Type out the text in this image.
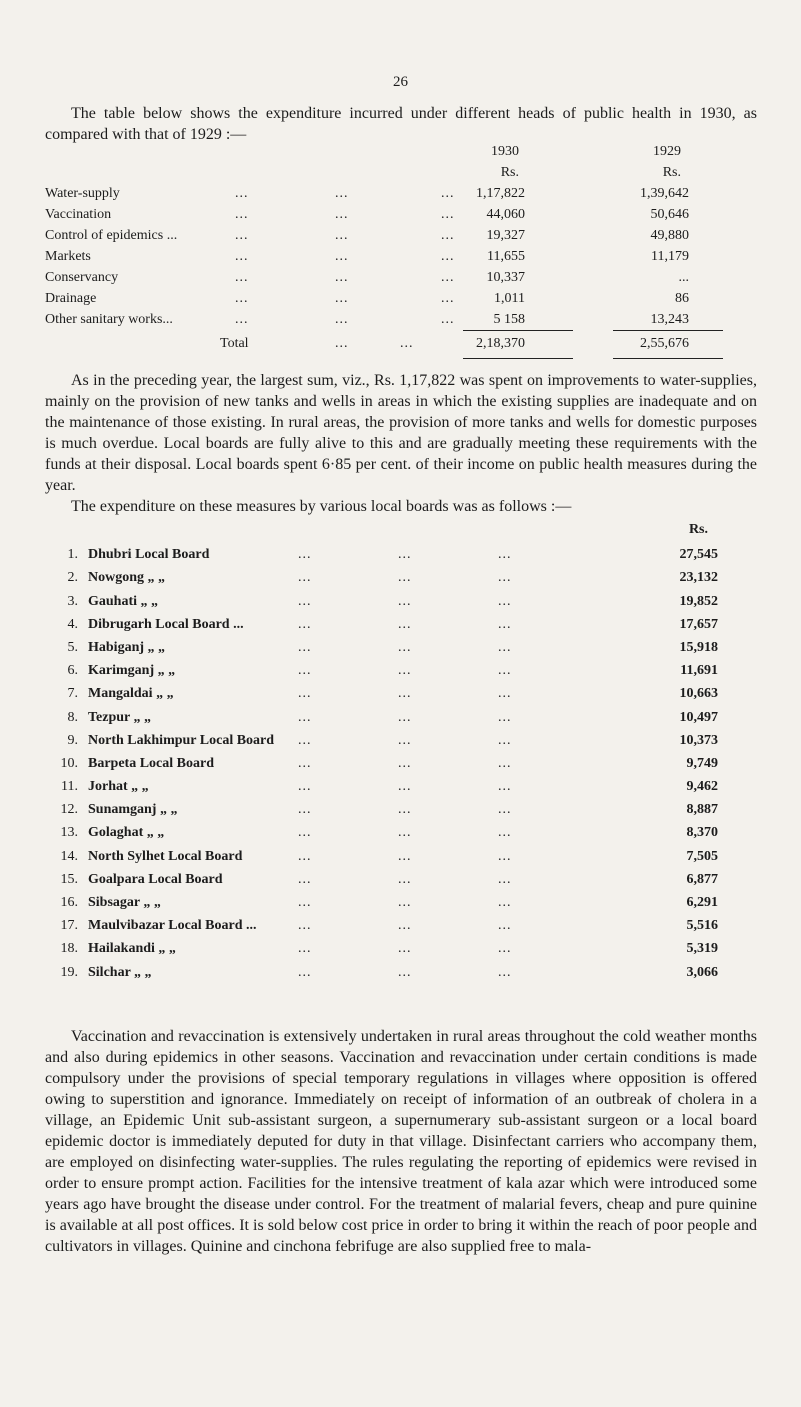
26
The table below shows the expenditure incurred under different heads of public health in 1930, as compared with that of 1929 :—
1930	1929
Rs.	Rs.
Water-supply	...	...	... 1,17,822	1,39,642
Vaccination	...	...	... 44,060	50,646
Control of epidemics ...	...	...	... 19,327	49,880
Markets	...	...	... 11,655	11,179
Conservancy	...	...	... 10,337	...
Drainage	...	...	...	1,011	86
Other sanitary works...	...	...	...	5 158	13,243
Total	...	...	2,18,370	2,55,676
As in the preceding year, the largest sum, viz., Rs. 1,17,822 was spent on improvements to water-supplies, mainly on the provision of new tanks and wells in areas in which the existing supplies are inadequate and on the maintenance of those existing. In rural areas, the provision of more tanks and wells for domestic purposes is much overdue. Local boards are fully alive to this and are gradually meeting these requirements with the funds at their disposal. Local boards spent 6·85 per cent. of their income on public health measures during the year.
The expenditure on these measures by various local boards was as follows :—
Rs.
1. Dhubri Local Board	...	...	...	27,545
2. Nowgong „ „	...	...	...	23,132
3. Gauhati „ „	...	...	...	19,852
4. Dibrugarh Local Board ...	...	...	...	17,657
5. Habiganj „ „	...	...	...	15,918
6. Karimganj „ „	...	...	...	11,691
7. Mangaldai „ „	...	...	...	10,663
8. Tezpur „ „	...	...	...	10,497
9. North Lakhimpur Local Board ...	...	...	10,373
10. Barpeta Local Board	...	...	...	9,749
11. Jorhat „ „	...	...	...	9,462
12. Sunamganj „ „	...	...	...	8,887
13. Golaghat „ „	...	...	...	8,370
14. North Sylhet Local Board	...	...	...	7,505
15. Goalpara Local Board	...	...	...	6,877
16. Sibsagar „ „	...	...	...	6,291
17. Maulvibazar Local Board ...	...	...	...	5,516
18. Hailakandi „ „	...	...	...	5,319
19. Silchar „ „	...	...	...	3,066
Vaccination and revaccination is extensively undertaken in rural areas throughout the cold weather months and also during epidemics in other seasons. Vaccination and revaccination under certain conditions is made compulsory under the provisions of special temporary regulations in villages where opposition is offered owing to superstition and ignorance. Immediately on receipt of information of an outbreak of cholera in a village, an Epidemic Unit sub-assistant surgeon, a supernumerary sub-assistant surgeon or a local board epidemic doctor is immediately deputed for duty in that village. Disinfectant carriers who accompany them, are employed on disinfecting water-supplies. The rules regulating the reporting of epidemics were revised in order to ensure prompt action. Facilities for the intensive treatment of kala azar which were introduced some years ago have brought the disease under control. For the treatment of malarial fevers, cheap and pure quinine is available at all post offices. It is sold below cost price in order to bring it within the reach of poor people and cultivators in villages. Quinine and cinchona febrifuge are also supplied free to mala-
